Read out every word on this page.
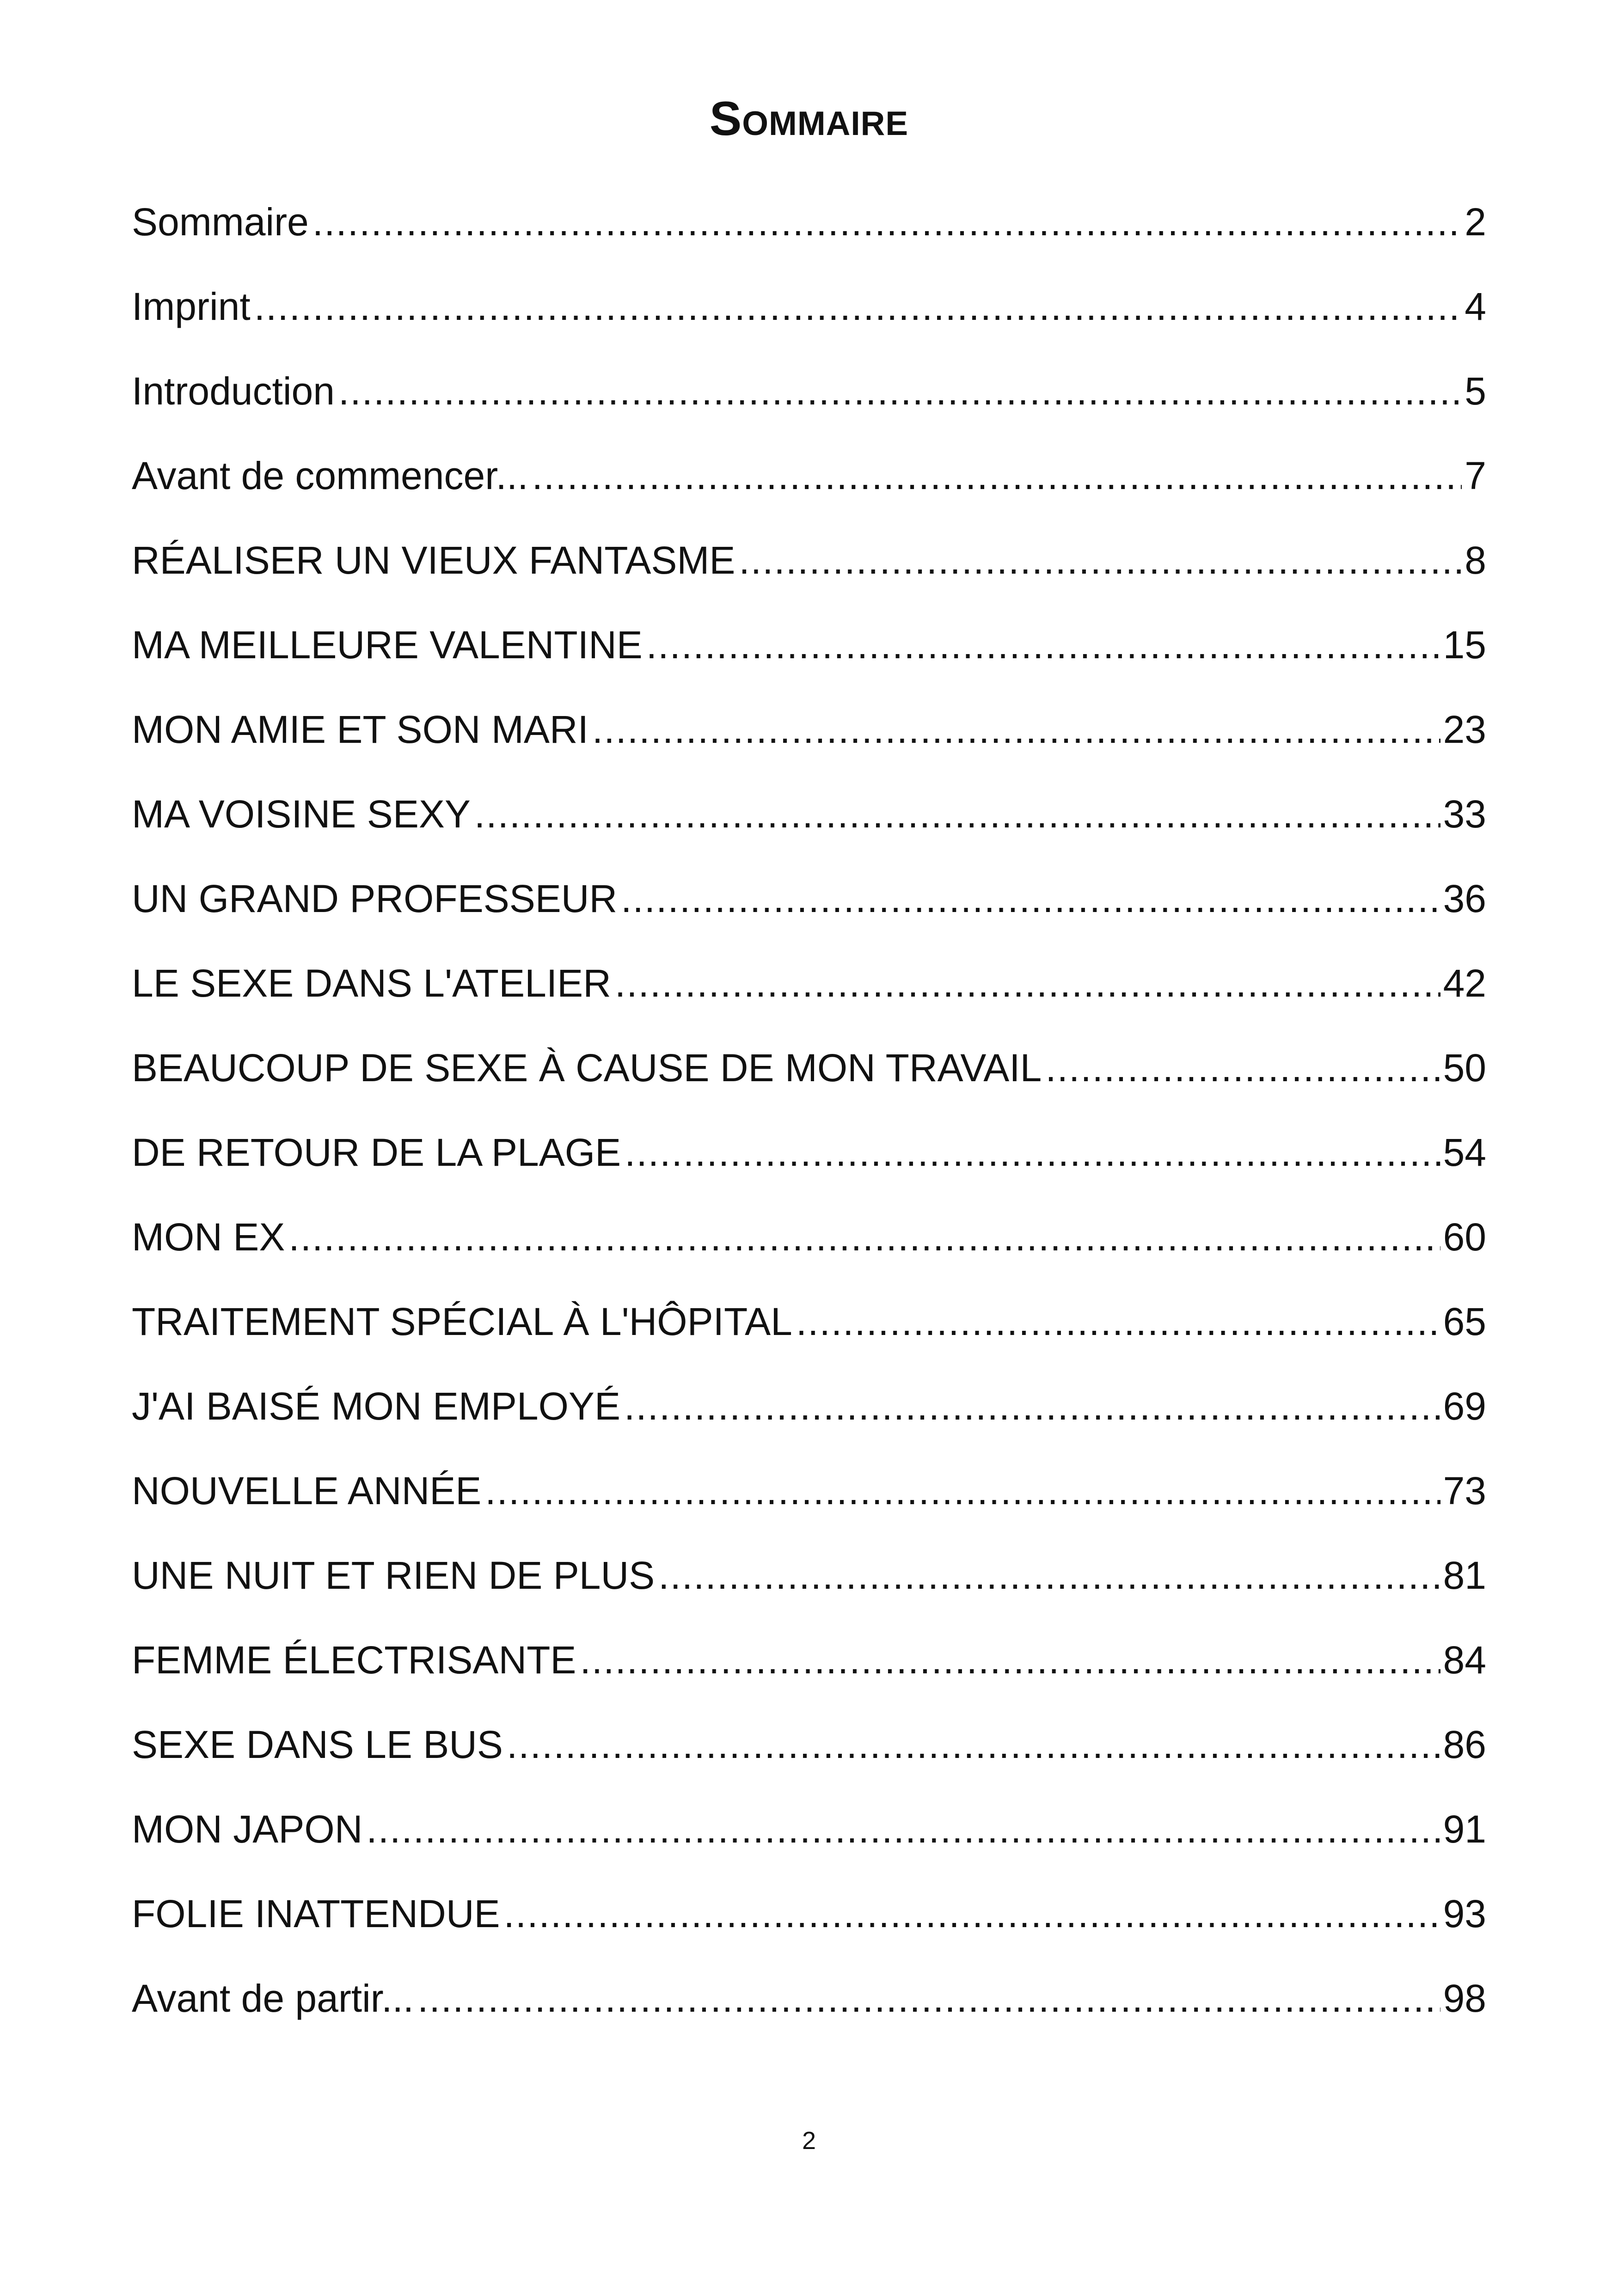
Sommaire
Sommaire .....	2
Imprint .....	4
Introduction .....	5
Avant de commencer... .....	7
RÉALISER UN VIEUX FANTASME .....	8
MA MEILLEURE VALENTINE .....	15
MON AMIE ET SON MARI .....	23
MA VOISINE SEXY .....	33
UN GRAND PROFESSEUR .....	36
LE SEXE DANS L'ATELIER .....	42
BEAUCOUP DE SEXE À CAUSE DE MON TRAVAIL .....	50
DE RETOUR DE LA PLAGE .....	54
MON EX .....	60
TRAITEMENT SPÉCIAL À L'HÔPITAL .....	65
J'AI BAISÉ MON EMPLOYÉ .....	69
NOUVELLE ANNÉE .....	73
UNE NUIT ET RIEN DE PLUS .....	81
FEMME ÉLECTRISANTE .....	84
SEXE DANS LE BUS .....	86
MON JAPON .....	91
FOLIE INATTENDUE .....	93
Avant de partir... .....	98
2
